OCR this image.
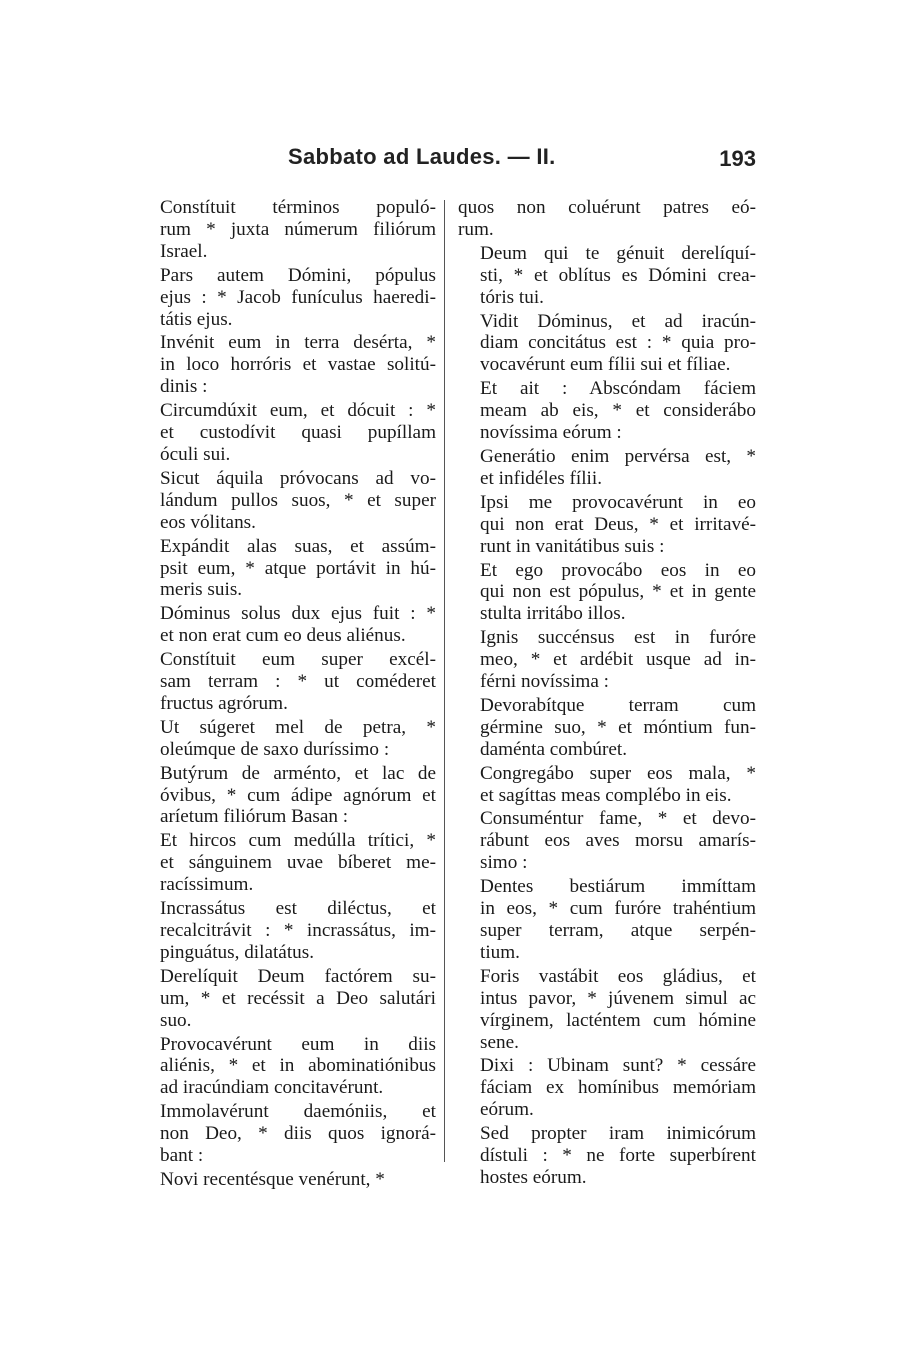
Sabbato ad Laudes. — II.	193
Constítuit términos populó-
rum * juxta númerum filiórum
Israel.
Pars autem Dómini, pópulus
ejus : * Jacob funículus haeredi-
tátis ejus.
Invénit eum in terra desérta, *
in loco horróris et vastae solitú-
dinis :
Circumdúxit eum, et dócuit : *
et custodívit quasi pupíllam
óculi sui.
Sicut áquila próvocans ad vo-
lándum pullos suos, * et super
eos vólitans.
Expándit alas suas, et assúm-
psit eum, * atque portávit in hú-
meris suis.
Dóminus solus dux ejus fuit : *
et non erat cum eo deus aliénus.
Constítuit eum super excél-
sam terram : * ut coméderet
fructus agrórum.
Ut súgeret mel de petra, *
oleúmque de saxo duríssimo :
Butýrum de arménto, et lac de
óvibus, * cum ádipe agnórum et
aríetum filiórum Basan :
Et hircos cum medúlla trítici, *
et sánguinem uvae bíberet me-
racíssimum.
Incrassátus est diléctus, et
recalcitrávit : * incrassátus, im-
pinguátus, dilatátus.
Derelíquit Deum factórem su-
um, * et recéssit a Deo salutári
suo.
Provocavérunt eum in diis
aliénis, * et in abominatiónibus
ad iracúndiam concitavérunt.
Immolavérunt daemóniis, et
non Deo, * diis quos ignorá-
bant :
Novi recentésque venérunt, *
quos non coluérunt patres eó-
rum.
Deum qui te génuit derelíquí-
sti, * et oblítus es Dómini crea-
tóris tui.
Vidit Dóminus, et ad iracún-
diam concitátus est : * quia pro-
vocavérunt eum fílii sui et fíliae.
Et ait : Abscóndam fáciem
meam ab eis, * et considerábo
novíssima eórum :
Generátio enim pervérsa est, *
et infidéles fílii.
Ipsi me provocavérunt in eo
qui non erat Deus, * et irritavé-
runt in vanitátibus suis :
Et ego provocábo eos in eo
qui non est pópulus, * et in gente
stulta irritábo illos.
Ignis succénsus est in furóre
meo, * et ardébit usque ad in-
férni novíssima :
Devorabítque terram cum
gérmine suo, * et móntium fun-
daménta combúret.
Congregábo super eos mala, *
et sagíttas meas complébo in eis.
Consuméntur fame, * et devo-
rábunt eos aves morsu amarís-
simo :
Dentes bestiárum immíttam
in eos, * cum furóre trahéntium
super terram, atque serpén-
tium.
Foris vastábit eos gládius, et
intus pavor, * júvenem simul ac
vírginem, lacténtem cum hómine
sene.
Dixi : Ubinam sunt? * cessáre
fáciam ex homínibus memóriam
eórum.
Sed propter iram inimicórum
dístuli : * ne forte superbírent
hostes eórum.
